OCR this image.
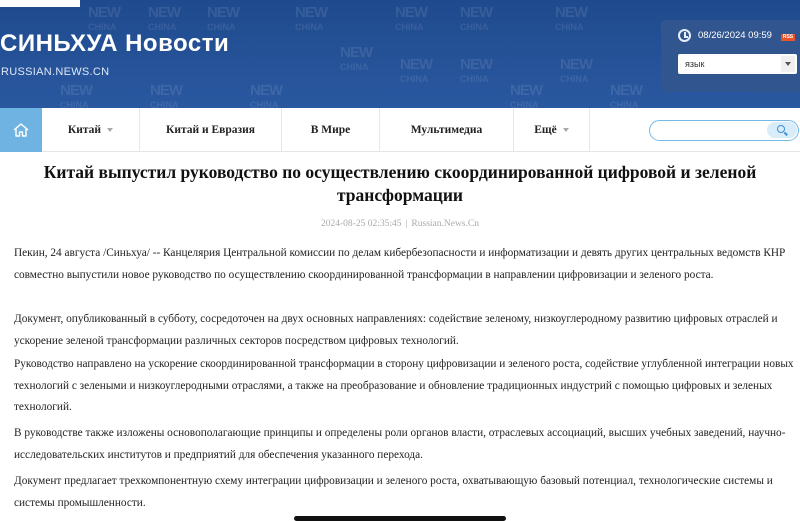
NEW
CHINA
NEW
CHINA
NEW
CHINA
NEW
CHINA
NEW
CHINA
NEW
CHINA
NEW
CHINA
NEW
CHINA NEW
CHINA
NEW
CHINA
NEW
CHINA
NEW
CHINA
NEW
CHINA
NEW
CHINA
NEW
CHINA
NEW
CHINA
СИНЬХУА Новости
RUSSIAN.NEWS.CN
08/26/2024 09:59	RSS
язык
Китай	Китай и Евразия	В Мире	Мультимедиа	Ещё
Китай выпустил руководство по осуществлению скоординированной цифровой и зеленой
трансформации
2024-08-25 02:35:45 | Russian.News.Cn
Пекин, 24 августа /Синьхуа/ -- Канцелярия Центральной комиссии по делам кибербезопасности и информатизации и девять других центральных ведомств КНР совместно выпустили новое руководство по осуществлению скоординированной трансформации в направлении цифровизации и зеленого роста.
Документ, опубликованный в субботу, сосредоточен на двух основных направлениях: содействие зеленому, низкоуглеродному развитию цифровых отраслей и ускорение зеленой трансформации различных секторов посредством цифровых технологий.
Руководство направлено на ускорение скоординированной трансформации в сторону цифровизации и зеленого роста, содействие углубленной интеграции новых технологий с зелеными и низкоуглеродными отраслями, а также на преобразование и обновление традиционных индустрий с помощью цифровых и зеленых технологий.
В руководстве также изложены основополагающие принципы и определены роли органов власти, отраслевых ассоциаций, высших учебных заведений, научно-исследовательских институтов и предприятий для обеспечения указанного перехода.
Документ предлагает трехкомпонентную схему интеграции цифровизации и зеленого роста, охватывающую базовый потенциал, технологические системы и системы промышленности.
